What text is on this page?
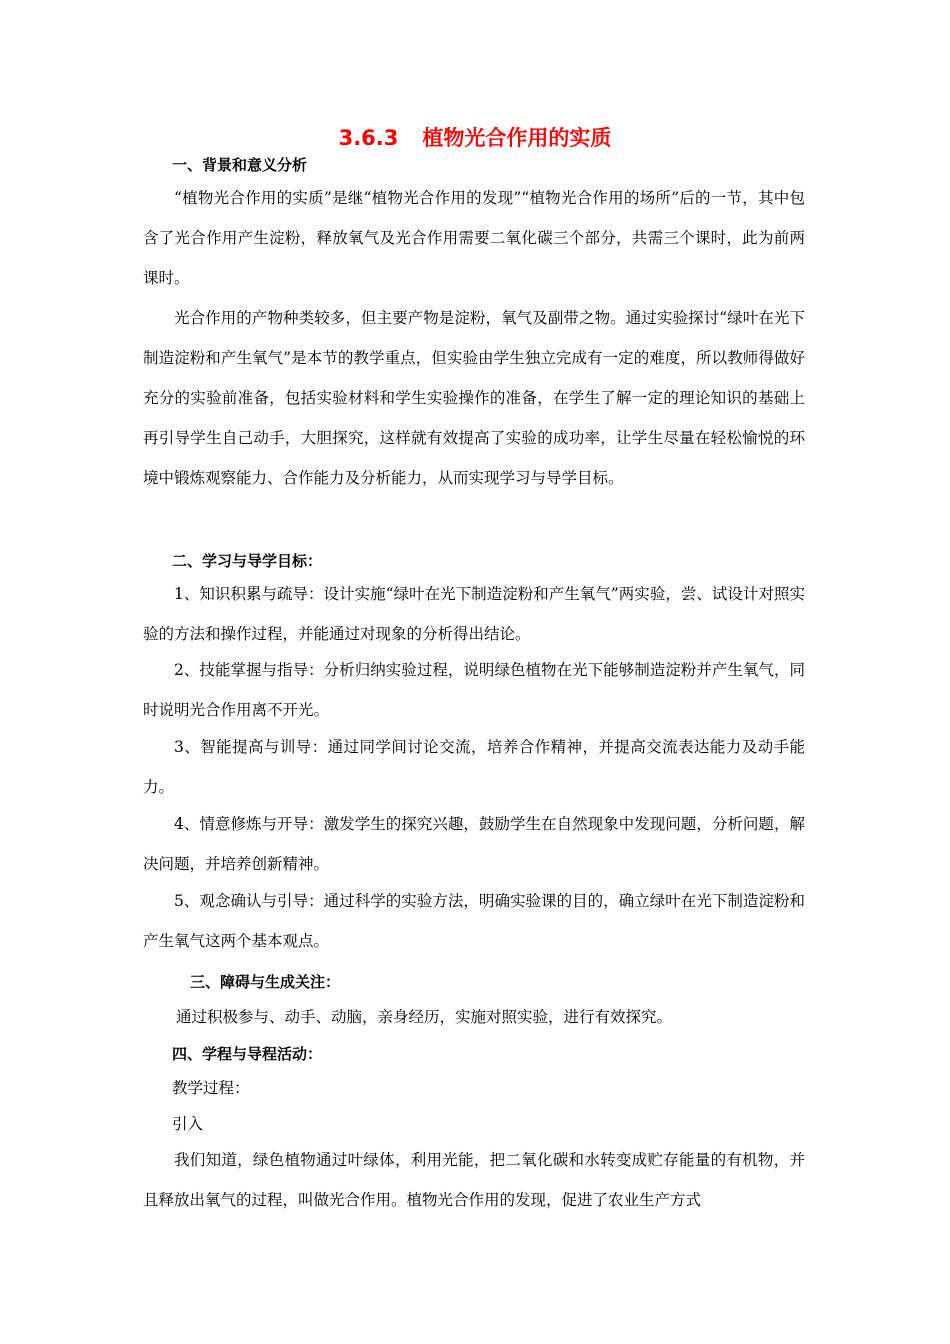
3.6.3 植物光合作用的实质
一、背景和意义分析

“植物光合作用的实质”是继“植物光合作用的发现”“植物光合作用的场所”后的一节，其中包含了光合作用产生淀粉，释放氧气及光合作用需要二氧化碳三个部分，共需三个课时，此为前两课时。

光合作用的产物种类较多，但主要产物是淀粉，氧气及副带之物。通过实验探讨“绿叶在光下制造淀粉和产生氧气”是本节的教学重点，但实验由学生独立完成有一定的难度，所以教师得做好充分的实验前准备，包括实验材料和学生实验操作的准备，在学生了解一定的理论知识的基础上再引导学生自己动手，大胆探究，这样就有效提高了实验的成功率，让学生尽量在轻松愉悦的环境中锻炼观察能力、合作能力及分析能力，从而实现学习与导学目标。

二、学习与导学目标：

1、知识积累与疏导：设计实施“绿叶在光下制造淀粉和产生氧气”两实验，尝、试设计对照实验的方法和操作过程，并能通过对现象的分析得出结论。

2、技能掌握与指导：分析归纳实验过程，说明绿色植物在光下能够制造淀粉并产生氧气，同时说明光合作用离不开光。

3、智能提高与训导：通过同学间讨论交流，培养合作精神，并提高交流表达能力及动手能力。

4、情意修炼与开导：激发学生的探究兴趣，鼓励学生在自然现象中发现问题，分析问题，解决问题，并培养创新精神。

5、观念确认与引导：通过科学的实验方法，明确实验课的目的，确立绿叶在光下制造淀粉和产生氧气这两个基本观点。

三、障碍与生成关注：
通过积极参与、动手、动脑，亲身经历，实施对照实验，进行有效探究。
四、学程与导程活动：
教学过程：
引入

我们知道，绿色植物通过叶绿体，利用光能，把二氧化碳和水转变成贮存能量的有机物，并且释放出氧气的过程，叫做光合作用。植物光合作用的发现，促进了农业生产方式
